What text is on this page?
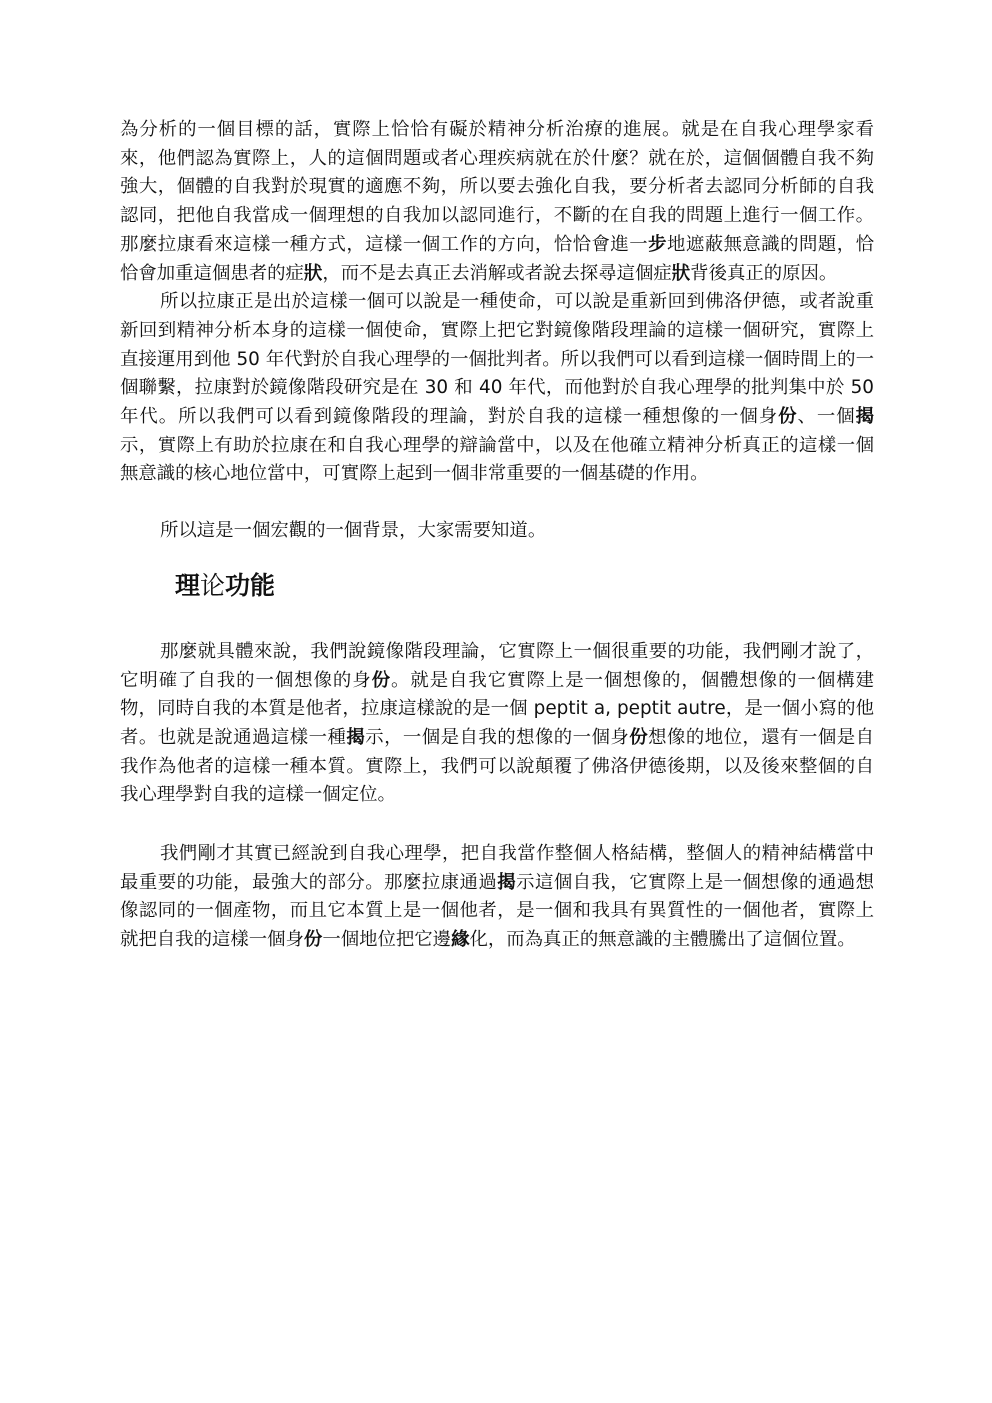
為分析的一個目標的話，實際上恰恰有礙於精神分析治療的進展。就是在自我心理學家看來，他們認為實際上，人的這個問題或者心理疾病就在於什麼？就在於，這個個體自我不夠強大，個體的自我對於現實的適應不夠，所以要去強化自我，要分析者去認同分析師的自我認同，把他自我當成一個理想的自我加以認同進行，不斷的在自我的問題上進行一個工作。那麼拉康看來這樣一種方式，這樣一個工作的方向，恰恰會進一步地遮蔽無意識的問題，恰恰會加重這個患者的症狀，而不是去真正去消解或者說去探尋這個症狀背後真正的原因。

所以拉康正是出於這樣一個可以說是一種使命，可以說是重新回到佛洛伊德，或者說重新回到精神分析本身的這樣一個使命，實際上把它對鏡像階段理論的這樣一個研究，實際上直接運用到他 50 年代對於自我心理學的一個批判者。所以我們可以看到這樣一個時間上的一個聯繫，拉康對於鏡像階段研究是在 30 和 40 年代，而他對於自我心理學的批判集中於 50 年代。所以我們可以看到鏡像階段的理論，對於自我的這樣一種想像的一個身份、一個揭示，實際上有助於拉康在和自我心理學的辯論當中，以及在他確立精神分析真正的這樣一個無意識的核心地位當中，可實際上起到一個非常重要的一個基礎的作用。

所以這是一個宏觀的一個背景，大家需要知道。

理论功能

那麼就具體來說，我們說鏡像階段理論，它實際上一個很重要的功能，我們剛才說了，它明確了自我的一個想像的身份。就是自我它實際上是一個想像的，個體想像的一個構建物，同時自我的本質是他者，拉康這樣說的是一個 peptit a, peptit autre，是一個小寫的他者。也就是說通過這樣一種揭示，一個是自我的想像的一個身份想像的地位，還有一個是自我作為他者的這樣一種本質。實際上，我們可以說顛覆了佛洛伊德後期，以及後來整個的自我心理學對自我的這樣一個定位。

我們剛才其實已經說到自我心理學，把自我當作整個人格結構，整個人的精神結構當中最重要的功能，最強大的部分。那麼拉康通過揭示這個自我，它實際上是一個想像的通過想像認同的一個產物，而且它本質上是一個他者，是一個和我具有異質性的一個他者，實際上就把自我的這樣一個身份一個地位把它邊緣化，而為真正的無意識的主體騰出了這個位置。
